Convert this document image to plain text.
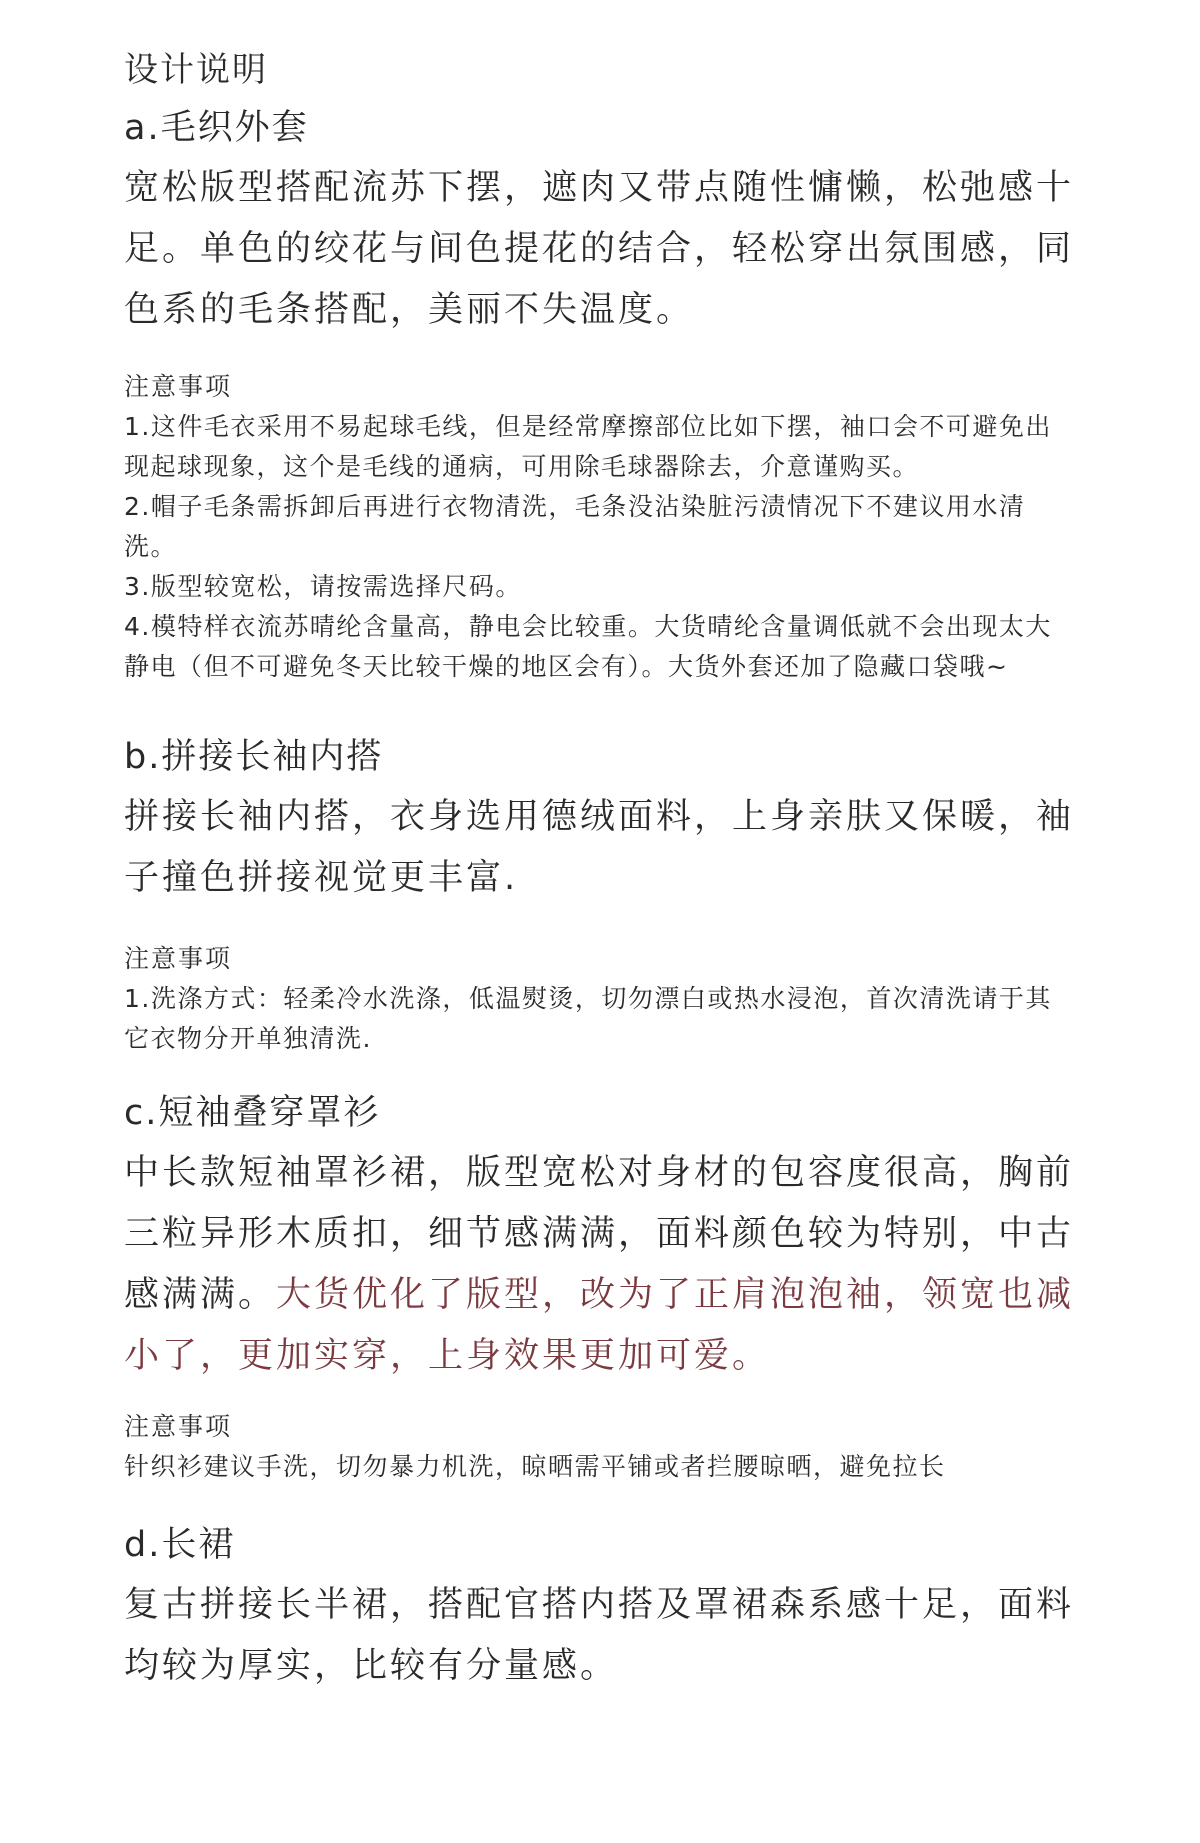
设计说明

a.毛织外套

宽松版型搭配流苏下摆，遮肉又带点随性慵懒，松弛感十足。单色的绞花与间色提花的结合，轻松穿出氛围感，同色系的毛条搭配，美丽不失温度。

注意事项

1.这件毛衣采用不易起球毛线，但是经常摩擦部位比如下摆，袖口会不可避免出现起球现象，这个是毛线的通病，可用除毛球器除去，介意谨购买。

2.帽子毛条需拆卸后再进行衣物清洗，毛条没沾染脏污渍情况下不建议用水清洗。

3.版型较宽松，请按需选择尺码。

4.模特样衣流苏晴纶含量高，静电会比较重。大货晴纶含量调低就不会出现太大静电（但不可避免冬天比较干燥的地区会有）。大货外套还加了隐藏口袋哦~

b.拼接长袖内搭

拼接长袖内搭，衣身选用德绒面料，上身亲肤又保暖，袖子撞色拼接视觉更丰富.

注意事项

1.洗涤方式：轻柔冷水洗涤，低温熨烫，切勿漂白或热水浸泡，首次清洗请于其它衣物分开单独清洗.

c.短袖叠穿罩衫

中长款短袖罩衫裙，版型宽松对身材的包容度很高，胸前三粒异形木质扣，细节感满满，面料颜色较为特别，中古感满满。大货优化了版型，改为了正肩泡泡袖，领宽也减小了，更加实穿，上身效果更加可爱。

注意事项

针织衫建议手洗，切勿暴力机洗，晾晒需平铺或者拦腰晾晒，避免拉长

d.长裙

复古拼接长半裙，搭配官搭内搭及罩裙森系感十足，面料均较为厚实，比较有分量感。
